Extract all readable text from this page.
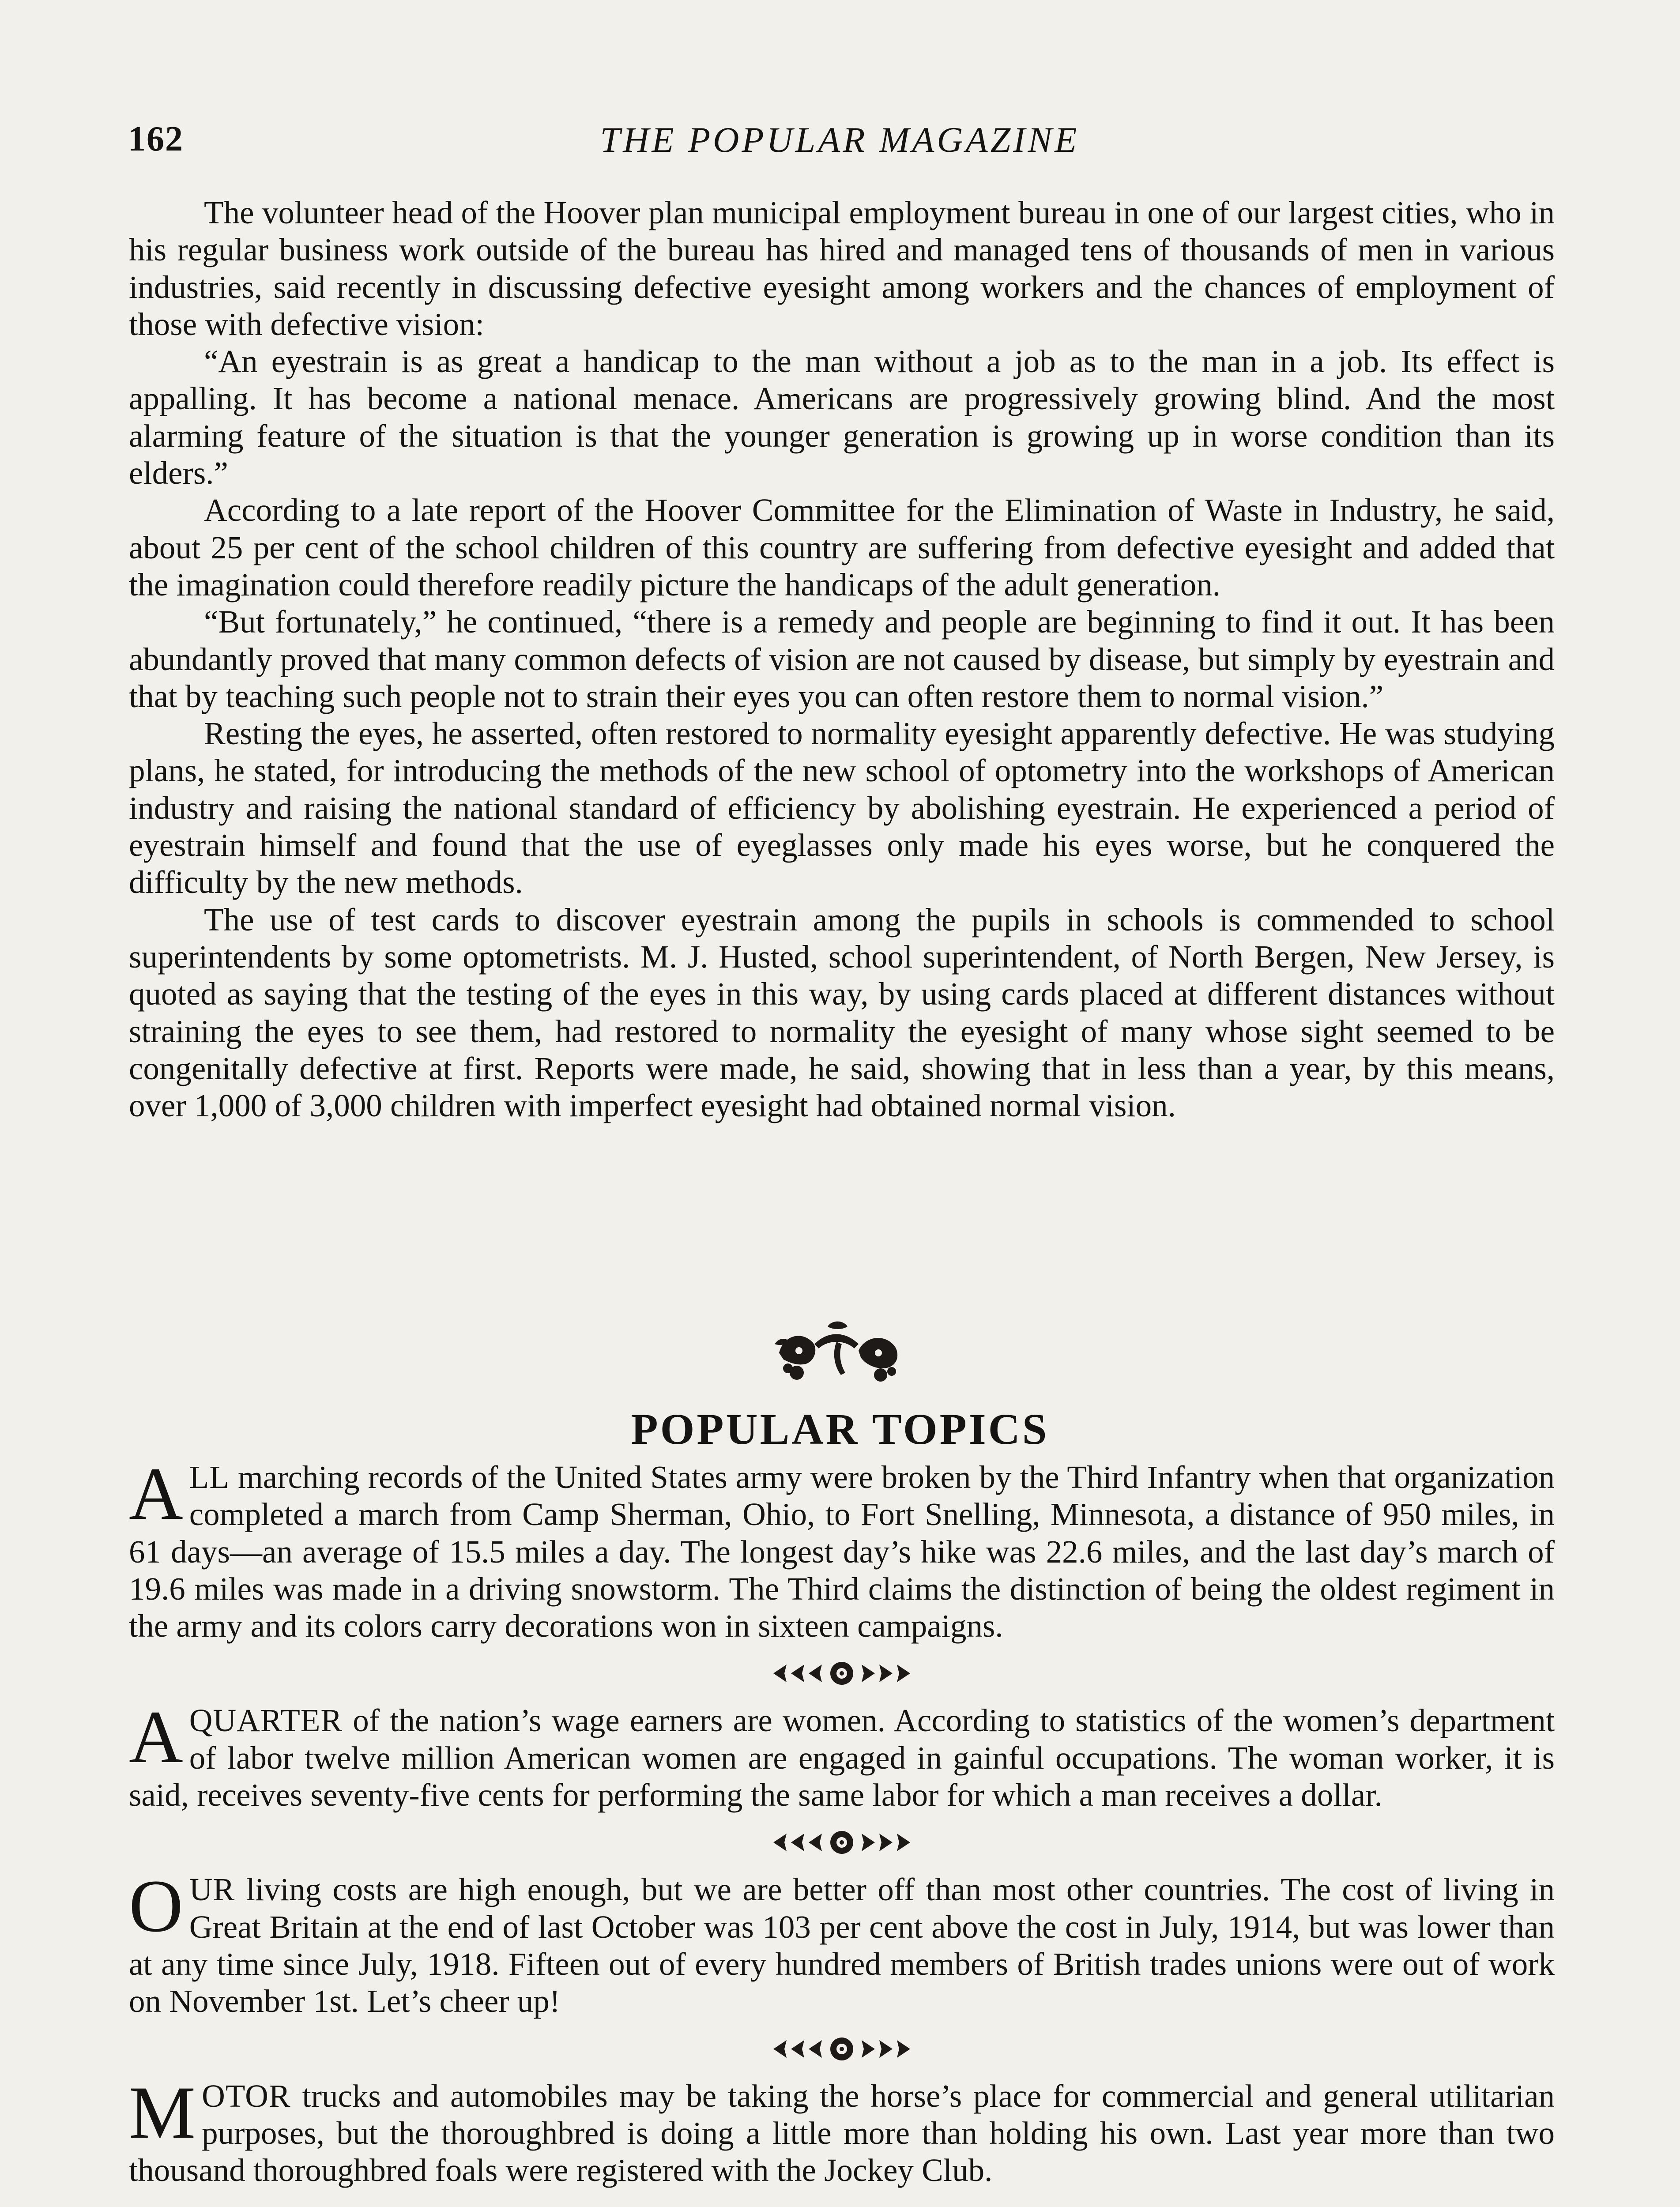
162	THE POPULAR MAGAZINE

The volunteer head of the Hoover plan municipal employment bureau in one of our largest cities, who in his regular business work outside of the bureau has hired and managed tens of thousands of men in various industries, said recently in discussing defective eyesight among workers and the chances of employment of those with defective vision:

“An eyestrain is as great a handicap to the man without a job as to the man in a job. Its effect is appalling. It has become a national menace. Americans are progressively growing blind. And the most alarming feature of the situation is that the younger generation is growing up in worse condition than its elders.”

According to a late report of the Hoover Committee for the Elimination of Waste in Industry, he said, about 25 per cent of the school children of this country are suffering from defective eyesight and added that the imagination could therefore readily picture the handicaps of the adult generation.

“But fortunately,” he continued, “there is a remedy and people are beginning to find it out. It has been abundantly proved that many common defects of vision are not caused by disease, but simply by eyestrain and that by teaching such people not to strain their eyes you can often restore them to normal vision.”

Resting the eyes, he asserted, often restored to normality eyesight apparently defective. He was studying plans, he stated, for introducing the methods of the new school of optometry into the workshops of American industry and raising the national standard of efficiency by abolishing eyestrain. He experienced a period of eyestrain himself and found that the use of eyeglasses only made his eyes worse, but he conquered the difficulty by the new methods.

The use of test cards to discover eyestrain among the pupils in schools is commended to school superintendents by some optometrists. M. J. Husted, school superintendent, of North Bergen, New Jersey, is quoted as saying that the testing of the eyes in this way, by using cards placed at different distances without straining the eyes to see them, had restored to normality the eyesight of many whose sight seemed to be congenitally defective at first. Reports were made, he said, showing that in less than a year, by this means, over 1,000 of 3,000 children with imperfect eyesight had obtained normal vision.

POPULAR TOPICS

ALL marching records of the United States army were broken by the Third Infantry when that organization completed a march from Camp Sherman, Ohio, to Fort Snelling, Minnesota, a distance of 950 miles, in 61 days—an average of 15.5 miles a day. The longest day’s hike was 22.6 miles, and the last day’s march of 19.6 miles was made in a driving snowstorm. The Third claims the distinction of being the oldest regiment in the army and its colors carry decorations won in sixteen campaigns.

A QUARTER of the nation’s wage earners are women. According to statistics of the women’s department of labor twelve million American women are engaged in gainful occupations. The woman worker, it is said, receives seventy-five cents for performing the same labor for which a man receives a dollar.

OUR living costs are high enough, but we are better off than most other countries. The cost of living in Great Britain at the end of last October was 103 per cent above the cost in July, 1914, but was lower than at any time since July, 1918. Fifteen out of every hundred members of British trades unions were out of work on November 1st. Let’s cheer up!

MOTOR trucks and automobiles may be taking the horse’s place for commercial and general utilitarian purposes, but the thoroughbred is doing a little more than holding his own. Last year more than two thousand thoroughbred foals were registered with the Jockey Club.
